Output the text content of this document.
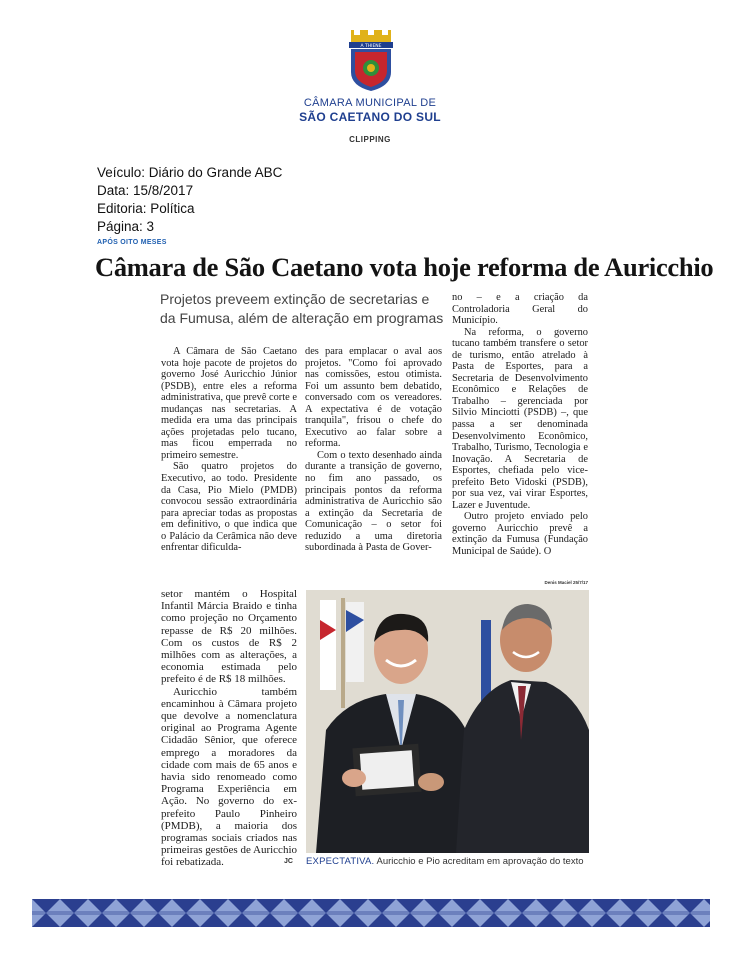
A THIENE
CÂMARA MUNICIPAL DE
SÃO CAETANO DO SUL
CLIPPING
Veículo: Diário do Grande ABC
Data: 15/8/2017
Editoria: Política
Página: 3
APÓS OITO MESES
Câmara de São Caetano vota hoje reforma de Auricchio
Projetos preveem extinção de secretarias e da Fumusa, além de alteração em programas

A Câmara de São Caetano vota hoje pacote de projetos do governo José Auricchio Júnior (PSDB), entre eles a reforma administrativa, que prevê corte e mudanças nas secretarias. A medida era uma das principais ações projetadas pelo tucano, mas ficou emperrada no primeiro semestre.

São quatro projetos do Executivo, ao todo. Presidente da Casa, Pio Mielo (PMDB) convocou sessão extraordinária para apreciar todas as propostas em definitivo, o que indica que o Palácio da Cerâmica não deve enfrentar dificulda-

des para emplacar o aval aos projetos. "Como foi aprovado nas comissões, estou otimista. Foi um assunto bem debatido, conversado com os vereadores. A expectativa é de votação tranquila", frisou o chefe do Executivo ao falar sobre a reforma.

Com o texto desenhado ainda durante a transição de governo, no fim ano passado, os principais pontos da reforma administrativa de Auricchio são a extinção da Secretaria de Comunicação – o setor foi reduzido a uma diretoria subordinada à Pasta de Gover-

no – e a criação da Controladoria Geral do Município.

Na reforma, o governo tucano também transfere o setor de turismo, então atrelado à Pasta de Esportes, para a Secretaria de Desenvolvimento Econômico e Relações de Trabalho – gerenciada por Silvio Minciotti (PSDB) –, que passa a ser denominada Desenvolvimento Econômico, Trabalho, Turismo, Tecnologia e Inovação. A Secretaria de Esportes, chefiada pelo vice-prefeito Beto Vidoski (PSDB), por sua vez, vai virar Esportes, Lazer e Juventude.

Outro projeto enviado pelo governo Auricchio prevê a extinção da Fumusa (Fundação Municipal de Saúde). O

setor mantém o Hospital Infantil Márcia Braido e tinha como projeção no Orçamento repasse de R$ 20 milhões. Com os custos de R$ 2 milhões com as alterações, a economia estimada pelo prefeito é de R$ 18 milhões.

Auricchio também encaminhou à Câmara projeto que devolve a nomenclatura original ao Programa Agente Cidadão Sênior, que oferece emprego a moradores da cidade com mais de 65 anos e havia sido renomeado como Programa Experiência em Ação. No governo do ex-prefeito Paulo Pinheiro (PMDB), a maioria dos programas sociais criados nas primeiras gestões de Auricchio foi rebatizada.	JC
Denis Maciel 25/7/17
EXPECTATIVA. Auricchio e Pio acreditam em aprovação do texto
